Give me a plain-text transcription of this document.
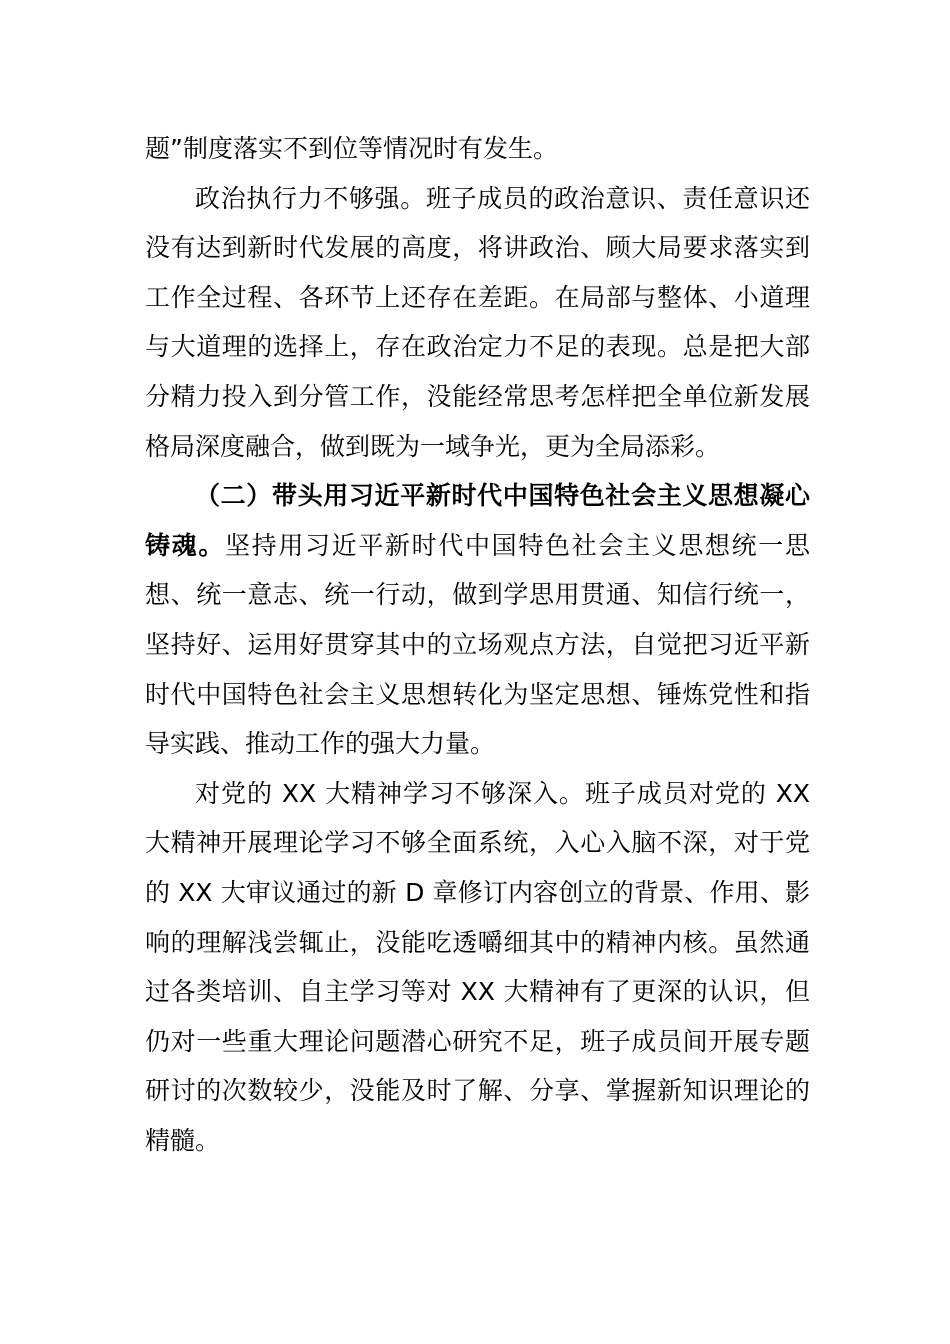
题”制度落实不到位等情况时有发生。

政治执行力不够强。班子成员的政治意识、责任意识还没有达到新时代发展的高度，将讲政治、顾大局要求落实到工作全过程、各环节上还存在差距。在局部与整体、小道理与大道理的选择上，存在政治定力不足的表现。总是把大部分精力投入到分管工作，没能经常思考怎样把全单位新发展格局深度融合，做到既为一域争光，更为全局添彩。

（二）带头用习近平新时代中国特色社会主义思想凝心铸魂。坚持用习近平新时代中国特色社会主义思想统一思想、统一意志、统一行动，做到学思用贯通、知信行统一，坚持好、运用好贯穿其中的立场观点方法，自觉把习近平新时代中国特色社会主义思想转化为坚定思想、锤炼党性和指导实践、推动工作的强大力量。

对党的 XX 大精神学习不够深入。班子成员对党的 XX 大精神开展理论学习不够全面系统，入心入脑不深，对于党的 XX 大审议通过的新 D 章修订内容创立的背景、作用、影响的理解浅尝辄止，没能吃透嚼细其中的精神内核。虽然通过各类培训、自主学习等对 XX 大精神有了更深的认识，但仍对一些重大理论问题潜心研究不足，班子成员间开展专题研讨的次数较少，没能及时了解、分享、掌握新知识理论的精髓。
